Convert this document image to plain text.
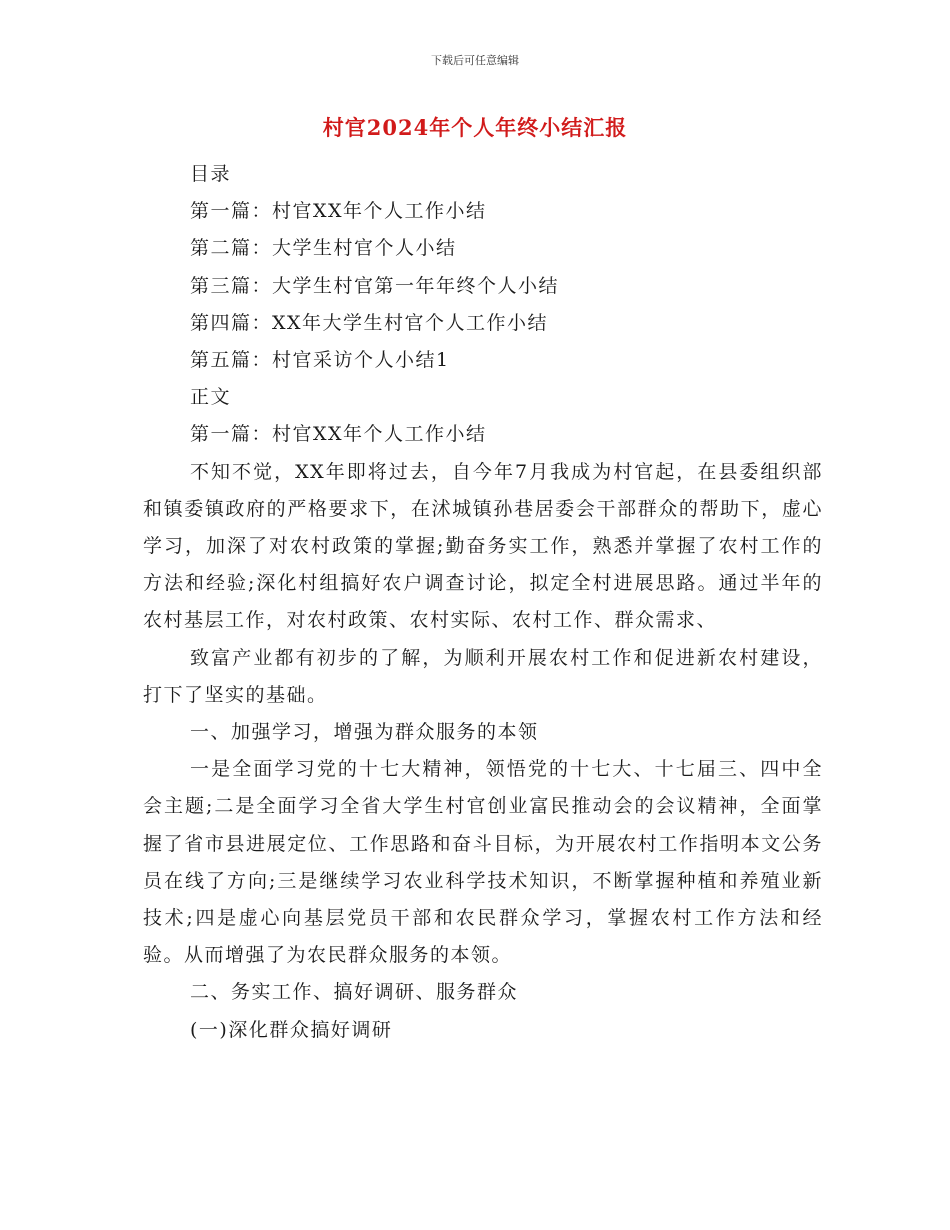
下载后可任意编辑
村官2024年个人年终小结汇报

目录

第一篇：村官XX年个人工作小结

第二篇：大学生村官个人小结

第三篇：大学生村官第一年年终个人小结

第四篇：XX年大学生村官个人工作小结

第五篇：村官采访个人小结1

正文

第一篇：村官XX年个人工作小结

不知不觉，XX年即将过去，自今年7月我成为村官起，在县委组织部和镇委镇政府的严格要求下，在沭城镇孙巷居委会干部群众的帮助下，虚心学习，加深了对农村政策的掌握;勤奋务实工作，熟悉并掌握了农村工作的方法和经验;深化村组搞好农户调查讨论，拟定全村进展思路。通过半年的农村基层工作，对农村政策、农村实际、农村工作、群众需求、

致富产业都有初步的了解，为顺利开展农村工作和促进新农村建设，打下了坚实的基础。

一、加强学习，增强为群众服务的本领

一是全面学习党的十七大精神，领悟党的十七大、十七届三、四中全会主题;二是全面学习全省大学生村官创业富民推动会的会议精神，全面掌握了省市县进展定位、工作思路和奋斗目标，为开展农村工作指明本文公务员在线了方向;三是继续学习农业科学技术知识，不断掌握种植和养殖业新技术;四是虚心向基层党员干部和农民群众学习，掌握农村工作方法和经验。从而增强了为农民群众服务的本领。

二、务实工作、搞好调研、服务群众

(一)深化群众搞好调研
